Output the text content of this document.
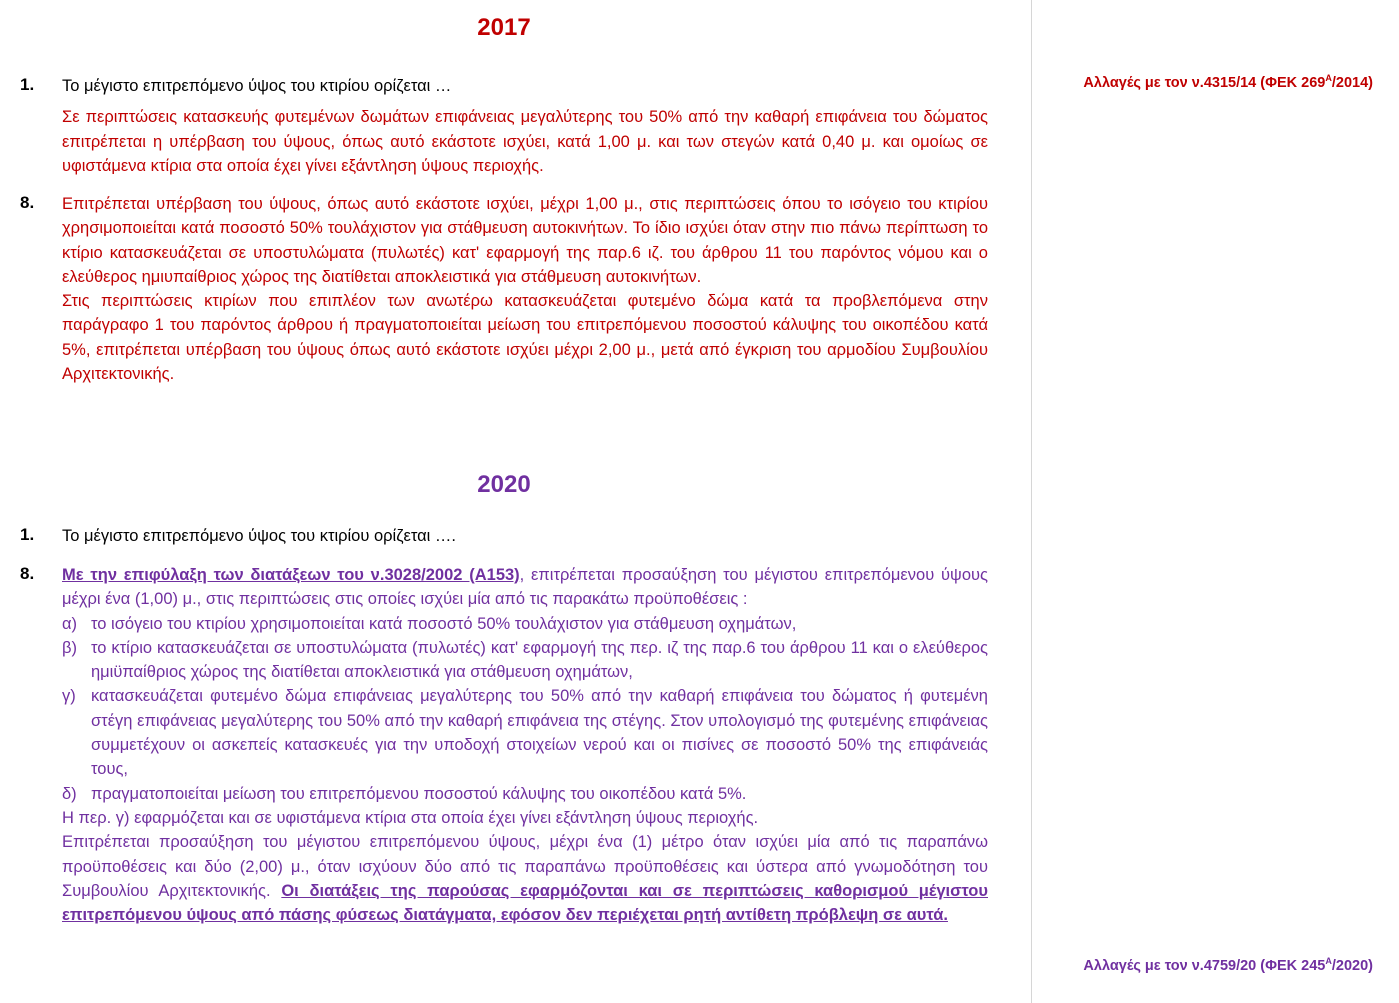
2017
1. Το μέγιστο επιτρεπόμενο ύψος του κτιρίου ορίζεται …

Σε περιπτώσεις κατασκευής φυτεμένων δωμάτων επιφάνειας μεγαλύτερης του 50% από την καθαρή επιφάνεια του δώματος επιτρέπεται η υπέρβαση του ύψους, όπως αυτό εκάστοτε ισχύει, κατά 1,00 μ. και των στεγών κατά 0,40 μ. και ομοίως σε υφιστάμενα κτίρια στα οποία έχει γίνει εξάντληση ύψους περιοχής.

8. Επιτρέπεται υπέρβαση του ύψους, όπως αυτό εκάστοτε ισχύει, μέχρι 1,00 μ., στις περιπτώσεις όπου το ισόγειο του κτιρίου χρησιμοποιείται κατά ποσοστό 50% τουλάχιστον για στάθμευση αυτοκινήτων. Το ίδιο ισχύει όταν στην πιο πάνω περίπτωση το κτίριο κατασκευάζεται σε υποστυλώματα (πυλωτές) κατ' εφαρμογή της παρ.6 ιζ. του άρθρου 11 του παρόντος νόμου και ο ελεύθερος ημιυπαίθριος χώρος της διατίθεται αποκλειστικά για στάθμευση αυτοκινήτων.

Στις περιπτώσεις κτιρίων που επιπλέον των ανωτέρω κατασκευάζεται φυτεμένο δώμα κατά τα προβλεπόμενα στην παράγραφο 1 του παρόντος άρθρου ή πραγματοποιείται μείωση του επιτρεπόμενου ποσοστού κάλυψης του οικοπέδου κατά 5%, επιτρέπεται υπέρβαση του ύψους όπως αυτό εκάστοτε ισχύει μέχρι 2,00 μ., μετά από έγκριση του αρμοδίου Συμβουλίου Αρχιτεκτονικής.

2020
1. Το μέγιστο επιτρεπόμενο ύψος του κτιρίου ορίζεται ….

8. Με την επιφύλαξη των διατάξεων του ν.3028/2002 (Α153), επιτρέπεται προσαύξηση του μέγιστου επιτρεπόμενου ύψους μέχρι ένα (1,00) μ., στις περιπτώσεις στις οποίες ισχύει μία από τις παρακάτω προϋποθέσεις :

α) το ισόγειο του κτιρίου χρησιμοποιείται κατά ποσοστό 50% τουλάχιστον για στάθμευση οχημάτων,
β) το κτίριο κατασκευάζεται σε υποστυλώματα (πυλωτές) κατ' εφαρμογή της περ. ιζ της παρ.6 του άρθρου 11 και ο ελεύθερος ημιϋπαίθριος χώρος της διατίθεται αποκλειστικά για στάθμευση οχημάτων,
γ) κατασκευάζεται φυτεμένο δώμα επιφάνειας μεγαλύτερης του 50% από την καθαρή επιφάνεια του δώματος ή φυτεμένη στέγη επιφάνειας μεγαλύτερης του 50% από την καθαρή επιφάνεια της στέγης. Στον υπολογισμό της φυτεμένης επιφάνειας συμμετέχουν οι ασκεπείς κατασκευές για την υποδοχή στοιχείων νερού και οι πισίνες σε ποσοστό 50% της επιφάνειάς τους,
δ) πραγματοποιείται μείωση του επιτρεπόμενου ποσοστού κάλυψης του οικοπέδου κατά 5%.

Η περ. γ) εφαρμόζεται και σε υφιστάμενα κτίρια στα οποία έχει γίνει εξάντληση ύψους περιοχής.

Επιτρέπεται προσαύξηση του μέγιστου επιτρεπόμενου ύψους, μέχρι ένα (1) μέτρο όταν ισχύει μία από τις παραπάνω προϋποθέσεις και δύο (2,00) μ., όταν ισχύουν δύο από τις παραπάνω προϋποθέσεις και ύστερα από γνωμοδότηση του Συμβουλίου Αρχιτεκτονικής. Οι διατάξεις της παρούσας εφαρμόζονται και σε περιπτώσεις καθορισμού μέγιστου επιτρεπόμενου ύψους από πάσης φύσεως διατάγματα, εφόσον δεν περιέχεται ρητή αντίθετη πρόβλεψη σε αυτά.

Αλλαγές με τον ν.4315/14 (ΦΕΚ $269^A/2014$)
Αλλαγές με τον ν.4759/20 (ΦΕΚ $245^A/2020$)
